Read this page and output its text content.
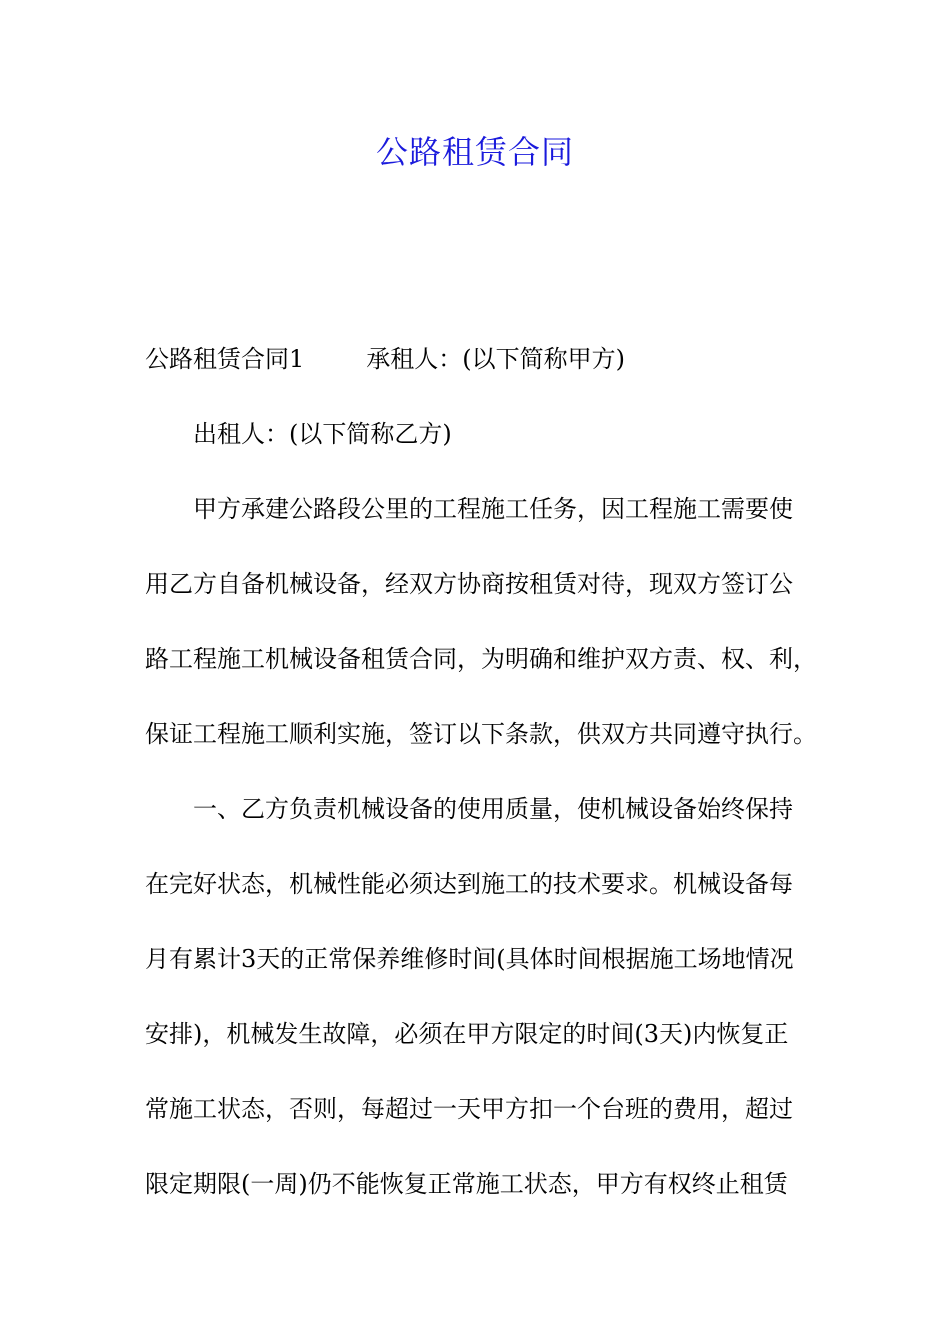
公路租赁合同

公路租赁合同1	承租人：(以下简称甲方)

出租人：(以下简称乙方)

甲方承建公路段公里的工程施工任务，因工程施工需要使

用乙方自备机械设备，经双方协商按租赁对待，现双方签订公

路工程施工机械设备租赁合同，为明确和维护双方责、权、利，

保证工程施工顺利实施，签订以下条款，供双方共同遵守执行。

一、乙方负责机械设备的使用质量，使机械设备始终保持

在完好状态，机械性能必须达到施工的技术要求。机械设备每

月有累计3天的正常保养维修时间(具体时间根据施工场地情况

安排)，机械发生故障，必须在甲方限定的时间(3天)内恢复正

常施工状态，否则，每超过一天甲方扣一个台班的费用，超过

限定期限(一周)仍不能恢复正常施工状态，甲方有权终止租赁
